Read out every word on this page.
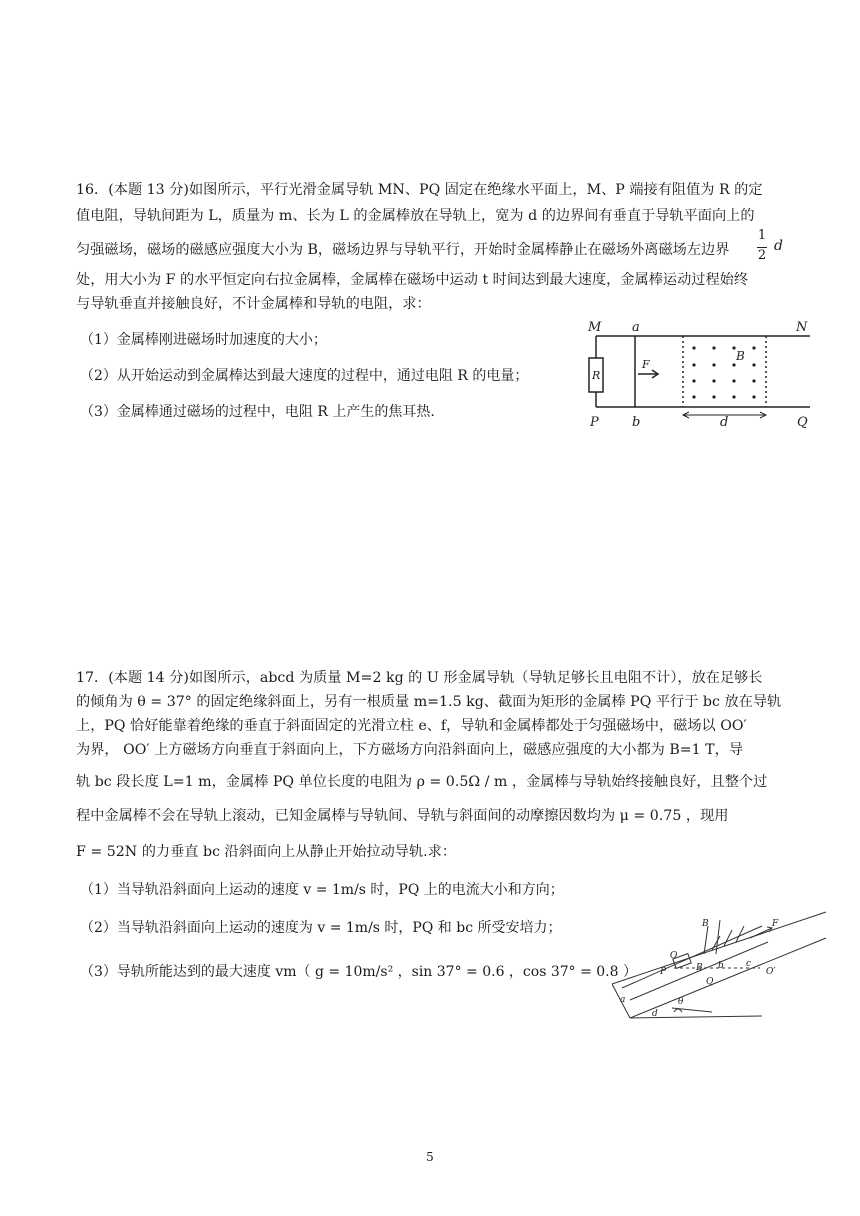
16．(本题 13 分)如图所示，平行光滑金属导轨 MN、PQ 固定在绝缘水平面上，M、P 端接有阻值为 R 的定
值电阻，导轨间距为 L，质量为 m、长为 L 的金属棒放在导轨上，宽为 d 的边界间有垂直于导轨平面向上的
匀强磁场，磁场的磁感应强度大小为 B，磁场边界与导轨平行，开始时金属棒静止在磁场外离磁场左边界
1
2
d
处，用大小为 F 的水平恒定向右拉金属棒，金属棒在磁场中运动 t 时间达到最大速度，金属棒运动过程始终
与导轨垂直并接触良好，不计金属棒和导轨的电阻，求：
（1）金属棒刚进磁场时加速度的大小；
（2）从开始运动到金属棒达到最大速度的过程中，通过电阻 R 的电量；
（3）金属棒通过磁场的过程中，电阻 R 上产生的焦耳热.
M a	N
R
F
B
P	b	d	Q
17．(本题 14 分)如图所示，abcd 为质量 M=2 kg 的 U 形金属导轨（导轨足够长且电阻不计），放在足够长
的倾角为 θ = 37° 的固定绝缘斜面上，另有一根质量 m=1.5 kg、截面为矩形的金属棒 PQ 平行于 bc 放在导轨
上，PQ 恰好能靠着绝缘的垂直于斜面固定的光滑立柱 e、f，导轨和金属棒都处于匀强磁场中，磁场以 OO′
为界， OO′ 上方磁场方向垂直于斜面向上，下方磁场方向沿斜面向上，磁感应强度的大小都为 B=1 T，导
轨 bc 段长度 L=1 m，金属棒 PQ 单位长度的电阻为 ρ = 0.5Ω / m ，金属棒与导轨始终接触良好，且整个过
程中金属棒不会在导轨上滚动，已知金属棒与导轨间、导轨与斜面间的动摩擦因数均为 μ = 0.75 ，现用
F = 52N 的力垂直 bc 沿斜面向上从静止开始拉动导轨.求：
（1）当导轨沿斜面向上运动的速度 v = 1m/s 时，PQ 上的电流大小和方向；
（2）当导轨沿斜面向上运动的速度为 v = 1m/s 时，PQ 和 bc 所受安培力；
（3）导轨所能达到的最大速度 vm（ g = 10m/s² ，sin 37° = 0.6 ，cos 37° = 0.8 ）
O
P
B
B
F
c
b
Q
O′
a
d
θ
5
